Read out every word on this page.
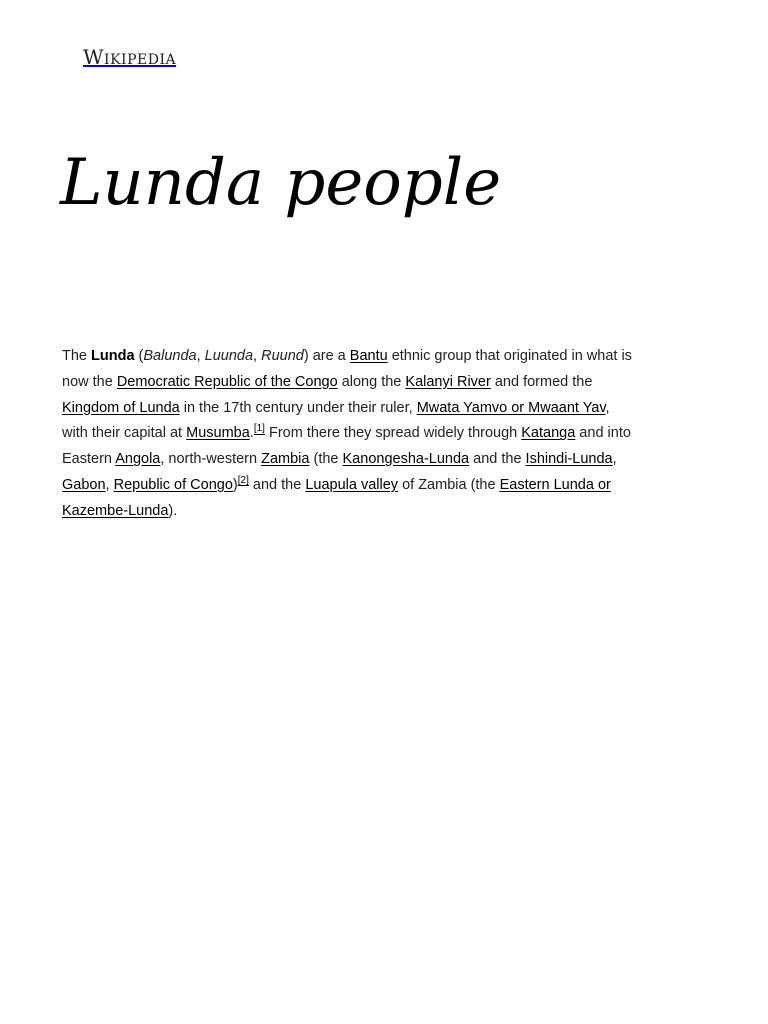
Wikipedia
Lunda people

The Lunda (Balunda, Luunda, Ruund) are a Bantu ethnic group that originated in what is now the Democratic Republic of the Congo along the Kalanyi River and formed the Kingdom of Lunda in the 17th century under their ruler, Mwata Yamvo or Mwaant Yav, with their capital at Musumba.[1] From there they spread widely through Katanga and into Eastern Angola, north-western Zambia (the Kanongesha-Lunda and the Ishindi-Lunda, Gabon, Republic of Congo)[2] and the Luapula valley of Zambia (the Eastern Lunda or Kazembe-Lunda).
